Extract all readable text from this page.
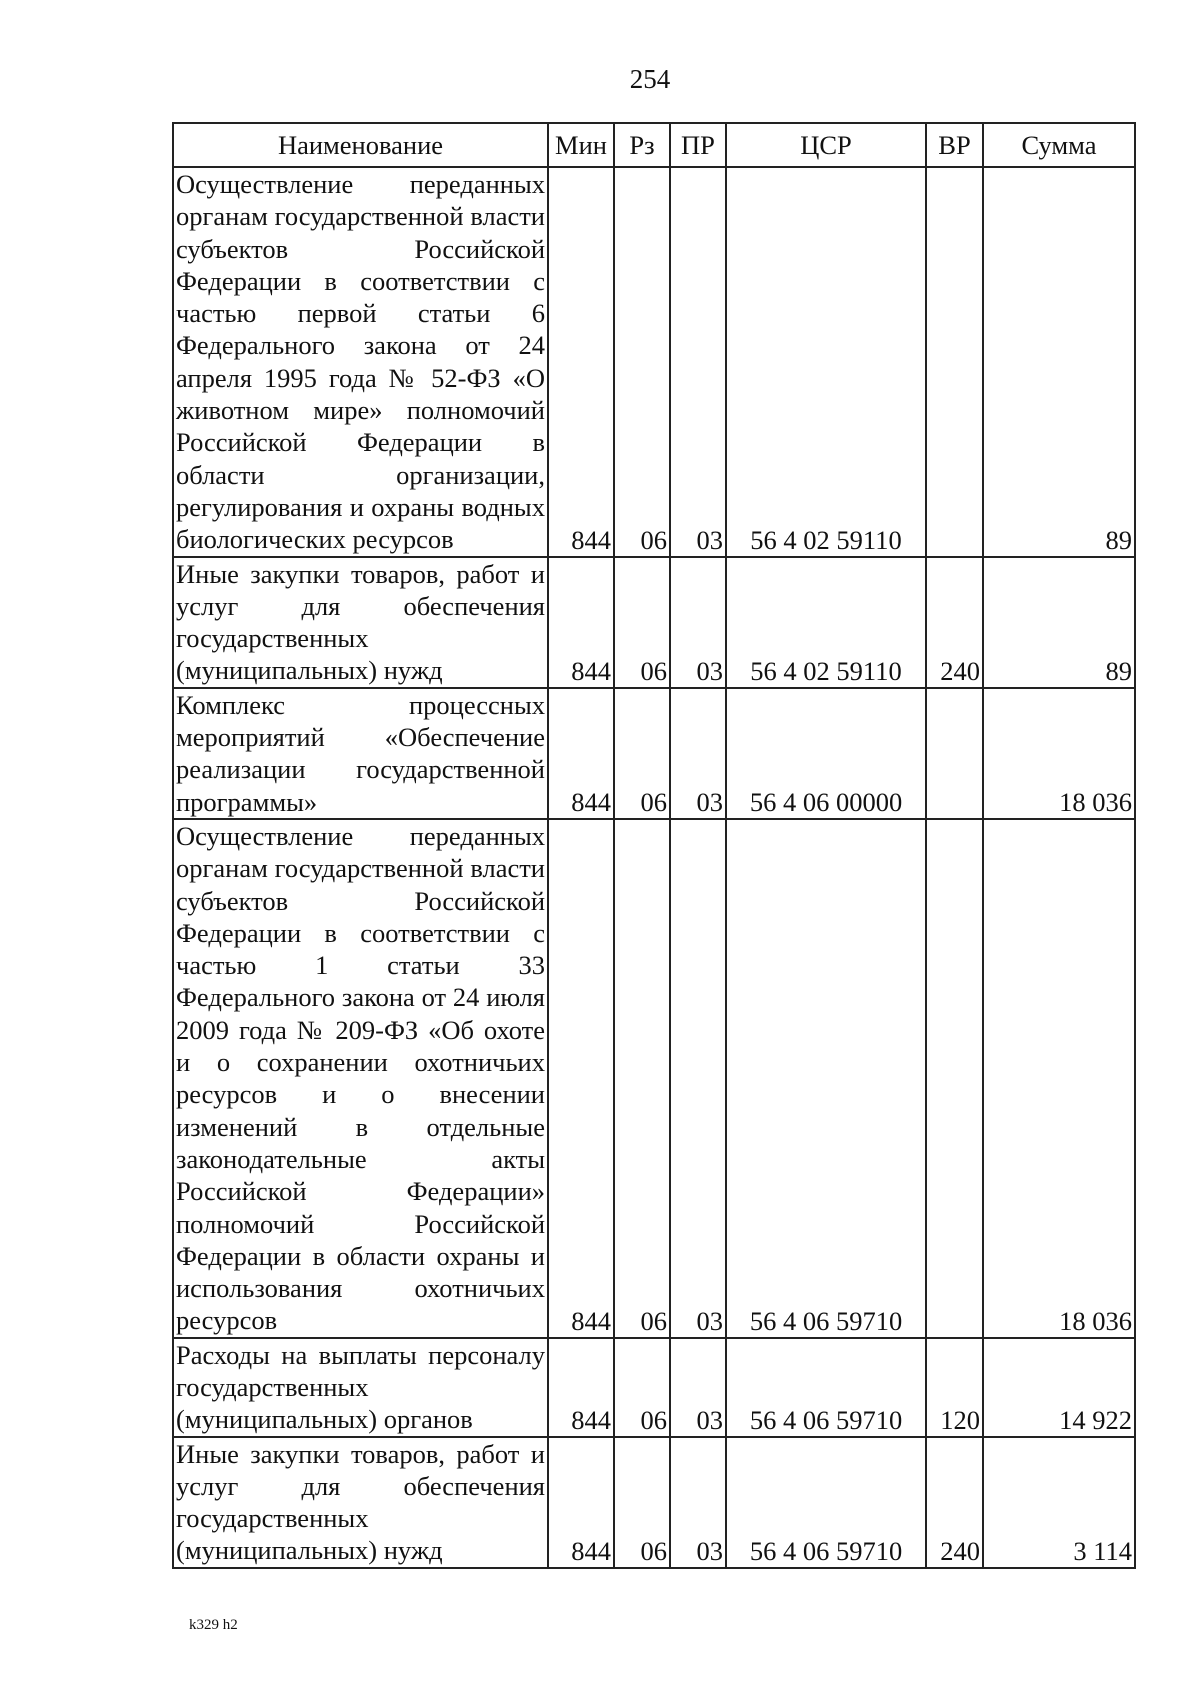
254
Наименование	Мин	Рз	ПР	ЦСР	ВР	Сумма
Осуществление переданных органам государственной власти субъектов Российской Федерации в соответствии с частью первой статьи 6 Федерального закона от 24 апреля 1995 года № 52-ФЗ «О животном мире» полномочий Российской Федерации в области организации, регулирования и охраны водных биологических ресурсов	844	06	03	56 4 02 59110		89
Иные закупки товаров, работ и услуг для обеспечения государственных (муниципальных) нужд	844	06	03	56 4 02 59110	240	89
Комплекс процессных мероприятий «Обеспечение реализации государственной программы»	844	06	03	56 4 06 00000		18 036
Осуществление переданных органам государственной власти субъектов Российской Федерации в соответствии с частью 1 статьи 33 Федерального закона от 24 июля 2009 года № 209-ФЗ «Об охоте и о сохранении охотничьих ресурсов и о внесении изменений в отдельные законодательные акты Российской Федерации» полномочий Российской Федерации в области охраны и использования охотничьих ресурсов	844	06	03	56 4 06 59710		18 036
Расходы на выплаты персоналу государственных (муниципальных) органов	844	06	03	56 4 06 59710	120	14 922
Иные закупки товаров, работ и услуг для обеспечения государственных (муниципальных) нужд	844	06	03	56 4 06 59710	240	3 114
k329 h2
